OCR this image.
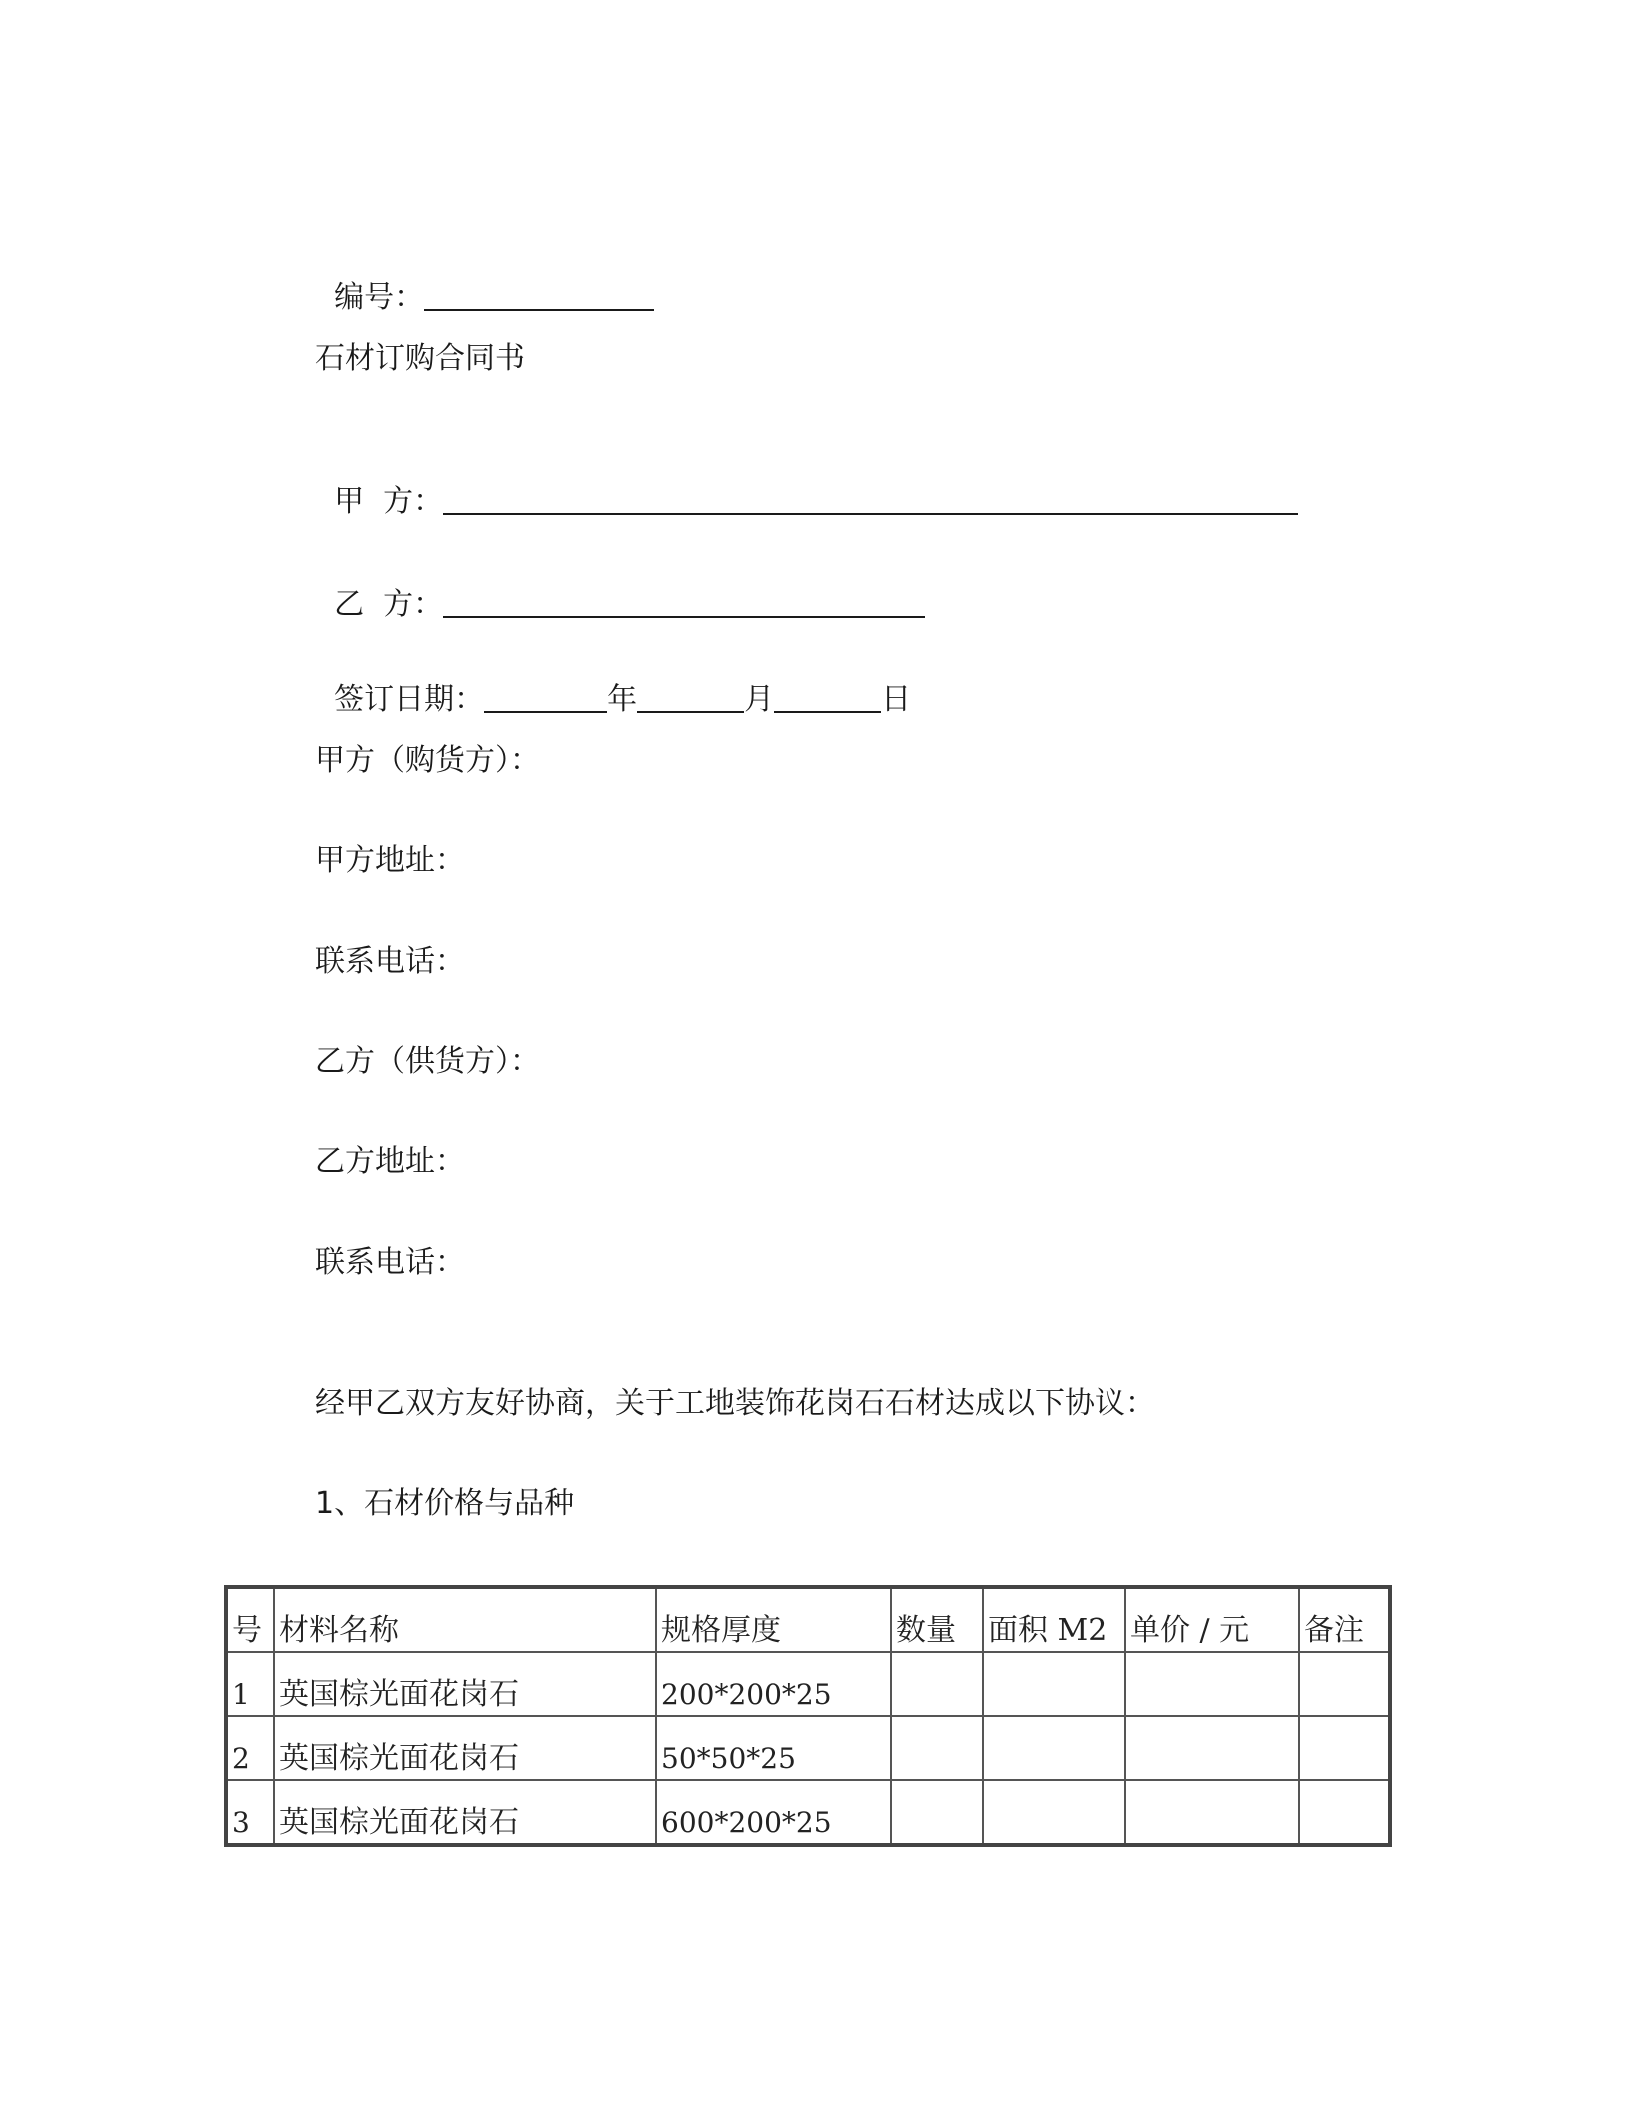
编号：

石材订购合同书

甲  方：

乙  方：

签订日期：	年	月	日

甲方（购货方）：
甲方地址：
联系电话：
乙方（供货方）：
乙方地址：
联系电话：
经甲乙双方友好协商，关于工地装饰花岗石石材达成以下协议：
1、石材价格与品种
号	材料名称	规格厚度	数量	面积 M2	单价 / 元	备注
1	英国棕光面花岗石	200*200*25				
2	英国棕光面花岗石	50*50*25				
3	英国棕光面花岗石	600*200*25				
